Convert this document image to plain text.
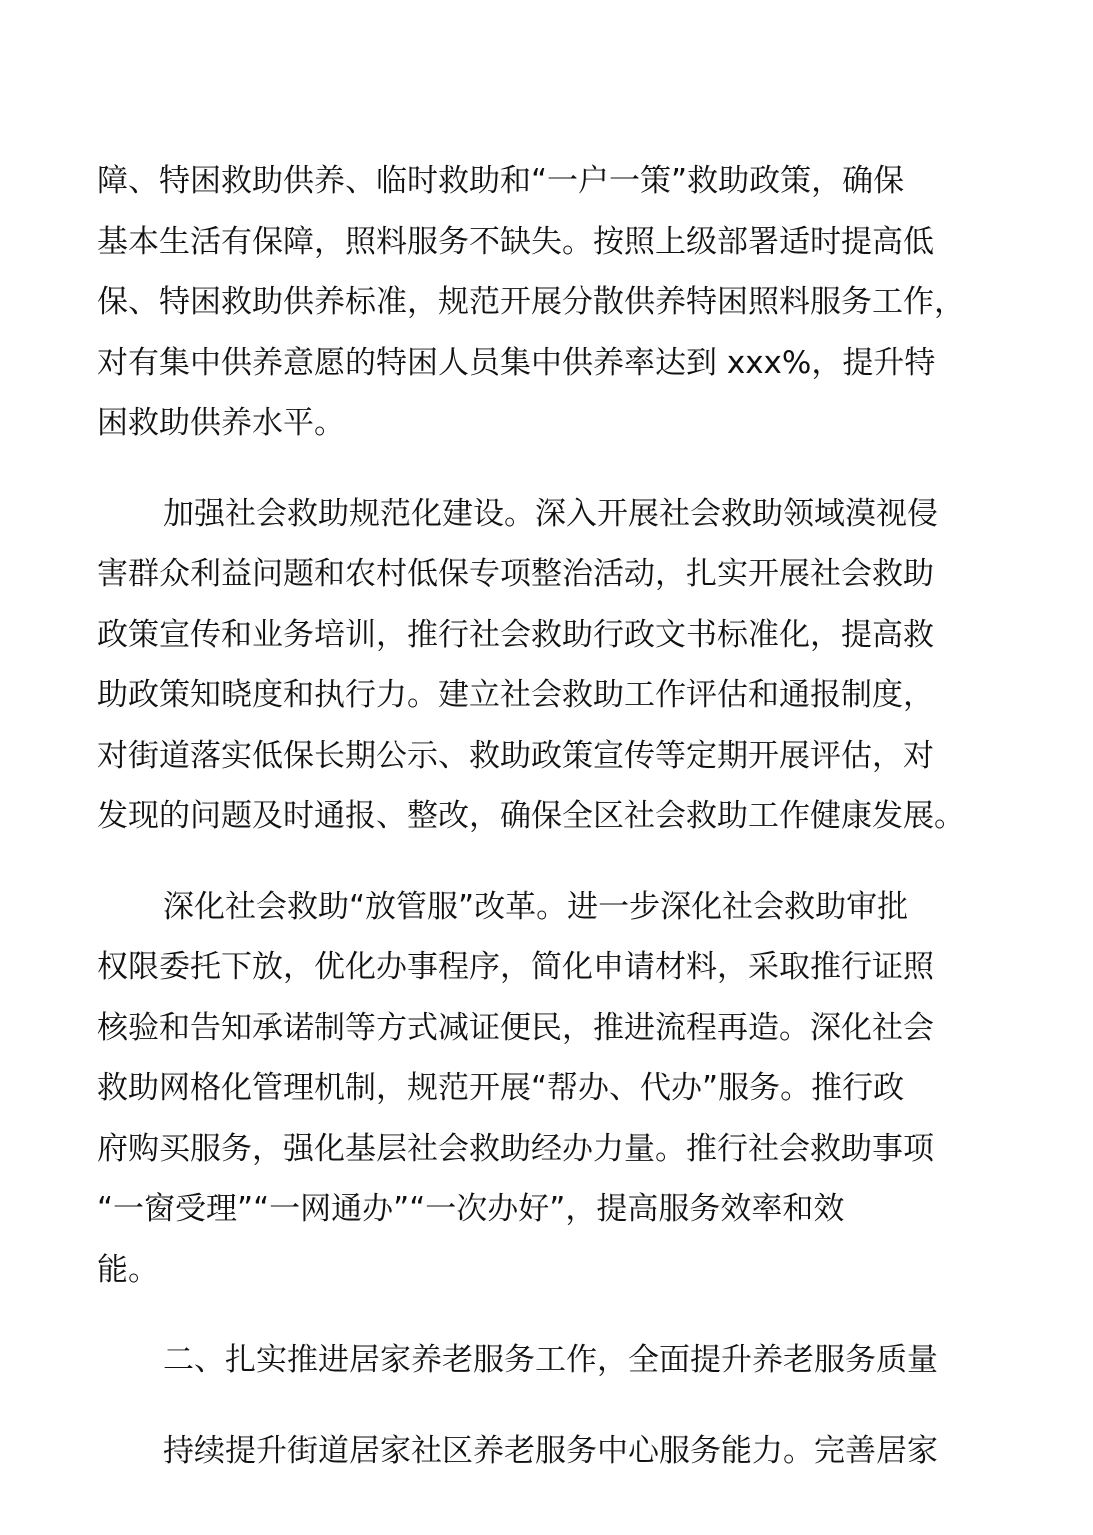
障、特困救助供养、临时救助和“一户一策”救助政策，确保
基本生活有保障，照料服务不缺失。按照上级部署适时提高低
保、特困救助供养标准，规范开展分散供养特困照料服务工作，
对有集中供养意愿的特困人员集中供养率达到 xxx%，提升特
困救助供养水平。
加强社会救助规范化建设。深入开展社会救助领域漠视侵
害群众利益问题和农村低保专项整治活动，扎实开展社会救助
政策宣传和业务培训，推行社会救助行政文书标准化，提高救
助政策知晓度和执行力。建立社会救助工作评估和通报制度，
对街道落实低保长期公示、救助政策宣传等定期开展评估，对
发现的问题及时通报、整改，确保全区社会救助工作健康发展。
深化社会救助“放管服”改革。进一步深化社会救助审批
权限委托下放，优化办事程序，简化申请材料，采取推行证照
核验和告知承诺制等方式减证便民，推进流程再造。深化社会
救助网格化管理机制，规范开展“帮办、代办”服务。推行政
府购买服务，强化基层社会救助经办力量。推行社会救助事项
“一窗受理”“一网通办”“一次办好”，提高服务效率和效
能。
二、扎实推进居家养老服务工作，全面提升养老服务质量
持续提升街道居家社区养老服务中心服务能力。完善居家
